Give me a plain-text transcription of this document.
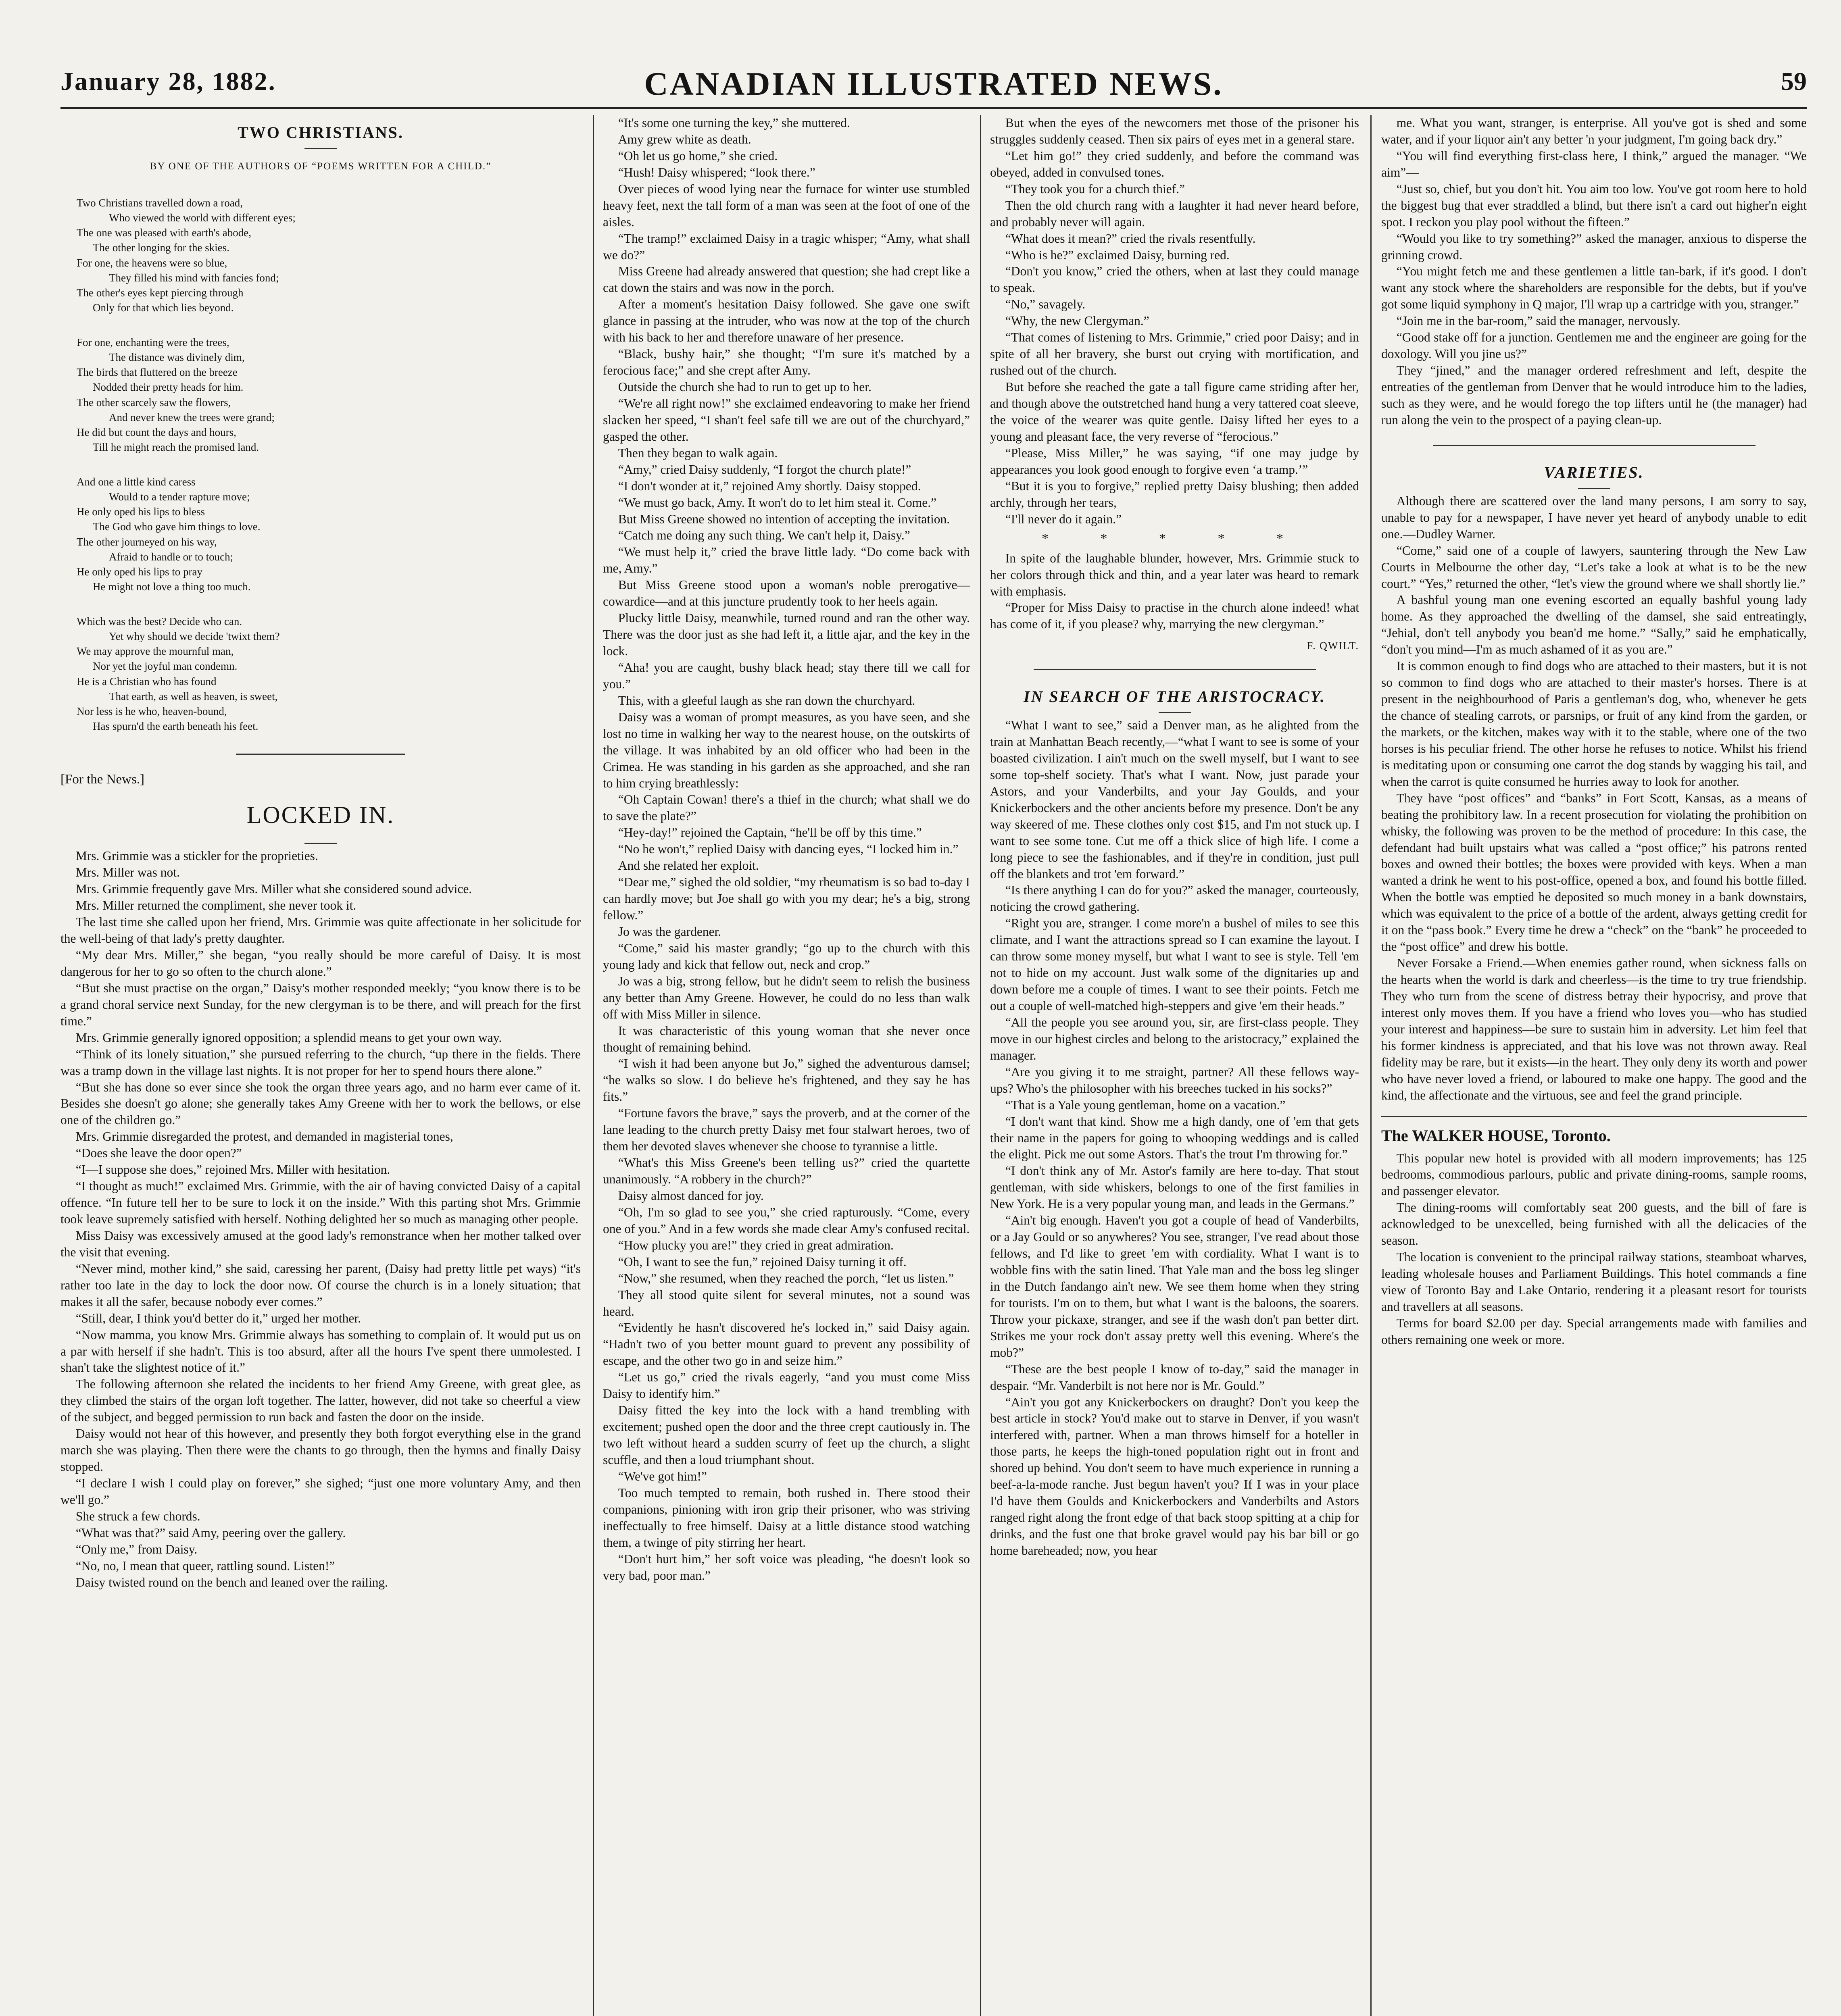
January 28, 1882.	CANADIAN ILLUSTRATED NEWS.	59
TWO CHRISTIANS.
BY ONE OF THE AUTHORS OF “POEMS WRITTEN FOR A CHILD.”
Two Christians travelled down a road,
Who viewed the world with different eyes;
The one was pleased with earth's abode,
The other longing for the skies.
For one, the heavens were so blue,
They filled his mind with fancies fond;
The other's eyes kept piercing through
Only for that which lies beyond.
For one, enchanting were the trees,
The distance was divinely dim,
The birds that fluttered on the breeze
Nodded their pretty heads for him.
The other scarcely saw the flowers,
And never knew the trees were grand;
He did but count the days and hours,
Till he might reach the promised land.
And one a little kind caress
Would to a tender rapture move;
He only oped his lips to bless
The God who gave him things to love.
The other journeyed on his way,
Afraid to handle or to touch;
He only oped his lips to pray
He might not love a thing too much.
Which was the best? Decide who can.
Yet why should we decide 'twixt them?
We may approve the mournful man,
Nor yet the joyful man condemn.
He is a Christian who has found
That earth, as well as heaven, is sweet,
Nor less is he who, heaven-bound,
Has spurn'd the earth beneath his feet.
[For the News.]
LOCKED IN.

Mrs. Grimmie was a stickler for the proprieties.

Mrs. Miller was not.

Mrs. Grimmie frequently gave Mrs. Miller what she considered sound advice.

Mrs. Miller returned the compliment, she never took it.

The last time she called upon her friend, Mrs. Grimmie was quite affectionate in her solicitude for the well-being of that lady's pretty daughter.

“My dear Mrs. Miller,” she began, “you really should be more careful of Daisy. It is most dangerous for her to go so often to the church alone.”

“But she must practise on the organ,” Daisy's mother responded meekly; “you know there is to be a grand choral service next Sunday, for the new clergyman is to be there, and will preach for the first time.”

Mrs. Grimmie generally ignored opposition; a splendid means to get your own way.

“Think of its lonely situation,” she pursued referring to the church, “up there in the fields. There was a tramp down in the village last nights. It is not proper for her to spend hours there alone.”

“But she has done so ever since she took the organ three years ago, and no harm ever came of it. Besides she doesn't go alone; she generally takes Amy Greene with her to work the bellows, or else one of the children go.”

Mrs. Grimmie disregarded the protest, and demanded in magisterial tones,

“Does she leave the door open?”

“I—I suppose she does,” rejoined Mrs. Miller with hesitation.

“I thought as much!” exclaimed Mrs. Grimmie, with the air of having convicted Daisy of a capital offence. “In future tell her to be sure to lock it on the inside.” With this parting shot Mrs. Grimmie took leave supremely satisfied with herself. Nothing delighted her so much as managing other people.

Miss Daisy was excessively amused at the good lady's remonstrance when her mother talked over the visit that evening.

“Never mind, mother kind,” she said, caressing her parent, (Daisy had pretty little pet ways) “it's rather too late in the day to lock the door now. Of course the church is in a lonely situation; that makes it all the safer, because nobody ever comes.”

“Still, dear, I think you'd better do it,” urged her mother.

“Now mamma, you know Mrs. Grimmie always has something to complain of. It would put us on a par with herself if she hadn't. This is too absurd, after all the hours I've spent there unmolested. I shan't take the slightest notice of it.”

The following afternoon she related the incidents to her friend Amy Greene, with great glee, as they climbed the stairs of the organ loft together. The latter, however, did not take so cheerful a view of the subject, and begged permission to run back and fasten the door on the inside.

Daisy would not hear of this however, and presently they both forgot everything else in the grand march she was playing. Then there were the chants to go through, then the hymns and finally Daisy stopped.

“I declare I wish I could play on forever,” she sighed; “just one more voluntary Amy, and then we'll go.”

She struck a few chords.

“What was that?” said Amy, peering over the gallery.

“Only me,” from Daisy.

“No, no, I mean that queer, rattling sound. Listen!”

Daisy twisted round on the bench and leaned over the railing.

“It's some one turning the key,” she muttered.

Amy grew white as death.

“Oh let us go home,” she cried.

“Hush! Daisy whispered; “look there.”

Over pieces of wood lying near the furnace for winter use stumbled heavy feet, next the tall form of a man was seen at the foot of one of the aisles.

“The tramp!” exclaimed Daisy in a tragic whisper; “Amy, what shall we do?”

Miss Greene had already answered that question; she had crept like a cat down the stairs and was now in the porch.

After a moment's hesitation Daisy followed. She gave one swift glance in passing at the intruder, who was now at the top of the church with his back to her and therefore unaware of her presence.

“Black, bushy hair,” she thought; “I'm sure it's matched by a ferocious face;” and she crept after Amy.

Outside the church she had to run to get up to her.

“We're all right now!” she exclaimed endeavoring to make her friend slacken her speed, “I shan't feel safe till we are out of the churchyard,” gasped the other.

Then they began to walk again.

“Amy,” cried Daisy suddenly, “I forgot the church plate!”

“I don't wonder at it,” rejoined Amy shortly. Daisy stopped.

“We must go back, Amy. It won't do to let him steal it. Come.”

But Miss Greene showed no intention of accepting the invitation.

“Catch me doing any such thing. We can't help it, Daisy.”

“We must help it,” cried the brave little lady. “Do come back with me, Amy.”

But Miss Greene stood upon a woman's noble prerogative—cowardice—and at this juncture prudently took to her heels again.

Plucky little Daisy, meanwhile, turned round and ran the other way. There was the door just as she had left it, a little ajar, and the key in the lock.

“Aha! you are caught, bushy black head; stay there till we call for you.”

This, with a gleeful laugh as she ran down the churchyard.

Daisy was a woman of prompt measures, as you have seen, and she lost no time in walking her way to the nearest house, on the outskirts of the village. It was inhabited by an old officer who had been in the Crimea. He was standing in his garden as she approached, and she ran to him crying breathlessly:

“Oh Captain Cowan! there's a thief in the church; what shall we do to save the plate?”

“Hey-day!” rejoined the Captain, “he'll be off by this time.”

“No he won't,” replied Daisy with dancing eyes, “I locked him in.”

And she related her exploit.

“Dear me,” sighed the old soldier, “my rheumatism is so bad to-day I can hardly move; but Joe shall go with you my dear; he's a big, strong fellow.”

Jo was the gardener.

“Come,” said his master grandly; “go up to the church with this young lady and kick that fellow out, neck and crop.”

Jo was a big, strong fellow, but he didn't seem to relish the business any better than Amy Greene. However, he could do no less than walk off with Miss Miller in silence.

It was characteristic of this young woman that she never once thought of remaining behind.

“I wish it had been anyone but Jo,” sighed the adventurous damsel; “he walks so slow. I do believe he's frightened, and they say he has fits.”

“Fortune favors the brave,” says the proverb, and at the corner of the lane leading to the church pretty Daisy met four stalwart heroes, two of them her devoted slaves whenever she choose to tyrannise a little.

“What's this Miss Greene's been telling us?” cried the quartette unanimously. “A robbery in the church?”

Daisy almost danced for joy.

“Oh, I'm so glad to see you,” she cried rapturously. “Come, every one of you.” And in a few words she made clear Amy's confused recital.

“How plucky you are!” they cried in great admiration.

“Oh, I want to see the fun,” rejoined Daisy turning it off.

“Now,” she resumed, when they reached the porch, “let us listen.”

They all stood quite silent for several minutes, not a sound was heard.

“Evidently he hasn't discovered he's locked in,” said Daisy again. “Hadn't two of you better mount guard to prevent any possibility of escape, and the other two go in and seize him.”

“Let us go,” cried the rivals eagerly, “and you must come Miss Daisy to identify him.”

Daisy fitted the key into the lock with a hand trembling with excitement; pushed open the door and the three crept cautiously in. The two left without heard a sudden scurry of feet up the church, a slight scuffle, and then a loud triumphant shout.

“We've got him!”

Too much tempted to remain, both rushed in. There stood their companions, pinioning with iron grip their prisoner, who was striving ineffectually to free himself. Daisy at a little distance stood watching them, a twinge of pity stirring her heart.

“Don't hurt him,” her soft voice was pleading, “he doesn't look so very bad, poor man.”

But when the eyes of the newcomers met those of the prisoner his struggles suddenly ceased. Then six pairs of eyes met in a general stare.

“Let him go!” they cried suddenly, and before the command was obeyed, added in convulsed tones.

“They took you for a church thief.”

Then the old church rang with a laughter it had never heard before, and probably never will again.

“What does it mean?” cried the rivals resentfully.

“Who is he?” exclaimed Daisy, burning red.

“Don't you know,” cried the others, when at last they could manage to speak.

“No,” savagely.

“Why, the new Clergyman.”

“That comes of listening to Mrs. Grimmie,” cried poor Daisy; and in spite of all her bravery, she burst out crying with mortification, and rushed out of the church.

But before she reached the gate a tall figure came striding after her, and though above the outstretched hand hung a very tattered coat sleeve, the voice of the wearer was quite gentle. Daisy lifted her eyes to a young and pleasant face, the very reverse of “ferocious.”

“Please, Miss Miller,” he was saying, “if one may judge by appearances you look good enough to forgive even ‘a tramp.’”

“But it is you to forgive,” replied pretty Daisy blushing; then added archly, through her tears,

“I'll never do it again.”

* * * * *

In spite of the laughable blunder, however, Mrs. Grimmie stuck to her colors through thick and thin, and a year later was heard to remark with emphasis.

“Proper for Miss Daisy to practise in the church alone indeed! what has come of it, if you please? why, marrying the new clergyman.”

F. QWILT.
IN SEARCH OF THE ARISTOCRACY.

“What I want to see,” said a Denver man, as he alighted from the train at Manhattan Beach recently,—“what I want to see is some of your boasted civilization. I ain't much on the swell myself, but I want to see some top-shelf society. That's what I want. Now, just parade your Astors, and your Vanderbilts, and your Jay Goulds, and your Knickerbockers and the other ancients before my presence. Don't be any way skeered of me. These clothes only cost $15, and I'm not stuck up. I want to see some tone. Cut me off a thick slice of high life. I come a long piece to see the fashionables, and if they're in condition, just pull off the blankets and trot 'em forward.”

“Is there anything I can do for you?” asked the manager, courteously, noticing the crowd gathering.

“Right you are, stranger. I come more'n a bushel of miles to see this climate, and I want the attractions spread so I can examine the layout. I can throw some money myself, but what I want to see is style. Tell 'em not to hide on my account. Just walk some of the dignitaries up and down before me a couple of times. I want to see their points. Fetch me out a couple of well-matched high-steppers and give 'em their heads.”

“All the people you see around you, sir, are first-class people. They move in our highest circles and belong to the aristocracy,” explained the manager.

“Are you giving it to me straight, partner? All these fellows way-ups? Who's the philosopher with his breeches tucked in his socks?”

“That is a Yale young gentleman, home on a vacation.”

“I don't want that kind. Show me a high dandy, one of 'em that gets their name in the papers for going to whooping weddings and is called the elight. Pick me out some Astors. That's the trout I'm throwing for.”

“I don't think any of Mr. Astor's family are here to-day. That stout gentleman, with side whiskers, belongs to one of the first families in New York. He is a very popular young man, and leads in the Germans.”

“Ain't big enough. Haven't you got a couple of head of Vanderbilts, or a Jay Gould or so anywheres? You see, stranger, I've read about those fellows, and I'd like to greet 'em with cordiality. What I want is to wobble fins with the satin lined. That Yale man and the boss leg slinger in the Dutch fandango ain't new. We see them home when they string for tourists. I'm on to them, but what I want is the baloons, the soarers. Throw your pickaxe, stranger, and see if the wash don't pan better dirt. Strikes me your rock don't assay pretty well this evening. Where's the mob?”

“These are the best people I know of to-day,” said the manager in despair. “Mr. Vanderbilt is not here nor is Mr. Gould.”

“Ain't you got any Knickerbockers on draught? Don't you keep the best article in stock? You'd make out to starve in Denver, if you wasn't interfered with, partner. When a man throws himself for a hoteller in those parts, he keeps the high-toned population right out in front and shored up behind. You don't seem to have much experience in running a beef-a-la-mode ranche. Just begun haven't you? If I was in your place I'd have them Goulds and Knickerbockers and Vanderbilts and Astors ranged right along the front edge of that back stoop spitting at a chip for drinks, and the fust one that broke gravel would pay his bar bill or go home bareheaded; now, you hear

me. What you want, stranger, is enterprise. All you've got is shed and some water, and if your liquor ain't any better 'n your judgment, I'm going back dry.”

“You will find everything first-class here, I think,” argued the manager. “We aim”—

“Just so, chief, but you don't hit. You aim too low. You've got room here to hold the biggest bug that ever straddled a blind, but there isn't a card out higher'n eight spot. I reckon you play pool without the fifteen.”

“Would you like to try something?” asked the manager, anxious to disperse the grinning crowd.

“You might fetch me and these gentlemen a little tan-bark, if it's good. I don't want any stock where the shareholders are responsible for the debts, but if you've got some liquid symphony in Q major, I'll wrap up a cartridge with you, stranger.”

“Join me in the bar-room,” said the manager, nervously.

“Good stake off for a junction. Gentlemen me and the engineer are going for the doxology. Will you jine us?”

They “jined,” and the manager ordered refreshment and left, despite the entreaties of the gentleman from Denver that he would introduce him to the ladies, such as they were, and he would forego the top lifters until he (the manager) had run along the vein to the prospect of a paying clean-up.

VARIETIES.

Although there are scattered over the land many persons, I am sorry to say, unable to pay for a newspaper, I have never yet heard of anybody unable to edit one.—Dudley Warner.

“Come,” said one of a couple of lawyers, sauntering through the New Law Courts in Melbourne the other day, “Let's take a look at what is to be the new court.” “Yes,” returned the other, “let's view the ground where we shall shortly lie.”

A bashful young man one evening escorted an equally bashful young lady home. As they approached the dwelling of the damsel, she said entreatingly, “Jehial, don't tell anybody you bean'd me home.” “Sally,” said he emphatically, “don't you mind—I'm as much ashamed of it as you are.”

It is common enough to find dogs who are attached to their masters, but it is not so common to find dogs who are attached to their master's horses. There is at present in the neighbourhood of Paris a gentleman's dog, who, whenever he gets the chance of stealing carrots, or parsnips, or fruit of any kind from the garden, or the markets, or the kitchen, makes way with it to the stable, where one of the two horses is his peculiar friend. The other horse he refuses to notice. Whilst his friend is meditating upon or consuming one carrot the dog stands by wagging his tail, and when the carrot is quite consumed he hurries away to look for another.

They have “post offices” and “banks” in Fort Scott, Kansas, as a means of beating the prohibitory law. In a recent prosecution for violating the prohibition on whisky, the following was proven to be the method of procedure: In this case, the defendant had built upstairs what was called a “post office;” his patrons rented boxes and owned their bottles; the boxes were provided with keys. When a man wanted a drink he went to his post-office, opened a box, and found his bottle filled. When the bottle was emptied he deposited so much money in a bank downstairs, which was equivalent to the price of a bottle of the ardent, always getting credit for it on the “pass book.” Every time he drew a “check” on the “bank” he proceeded to the “post office” and drew his bottle.

Never Forsake a Friend.—When enemies gather round, when sickness falls on the hearts when the world is dark and cheerless—is the time to try true friendship. They who turn from the scene of distress betray their hypocrisy, and prove that interest only moves them. If you have a friend who loves you—who has studied your interest and happiness—be sure to sustain him in adversity. Let him feel that his former kindness is appreciated, and that his love was not thrown away. Real fidelity may be rare, but it exists—in the heart. They only deny its worth and power who have never loved a friend, or laboured to make one happy. The good and the kind, the affectionate and the virtuous, see and feel the grand principle.

The WALKER HOUSE, Toronto.

This popular new hotel is provided with all modern improvements; has 125 bedrooms, commodious parlours, public and private dining-rooms, sample rooms, and passenger elevator.

The dining-rooms will comfortably seat 200 guests, and the bill of fare is acknowledged to be unexcelled, being furnished with all the delicacies of the season.

The location is convenient to the principal railway stations, steamboat wharves, leading wholesale houses and Parliament Buildings. This hotel commands a fine view of Toronto Bay and Lake Ontario, rendering it a pleasant resort for tourists and travellers at all seasons.

Terms for board $2.00 per day. Special arrangements made with families and others remaining one week or more.
